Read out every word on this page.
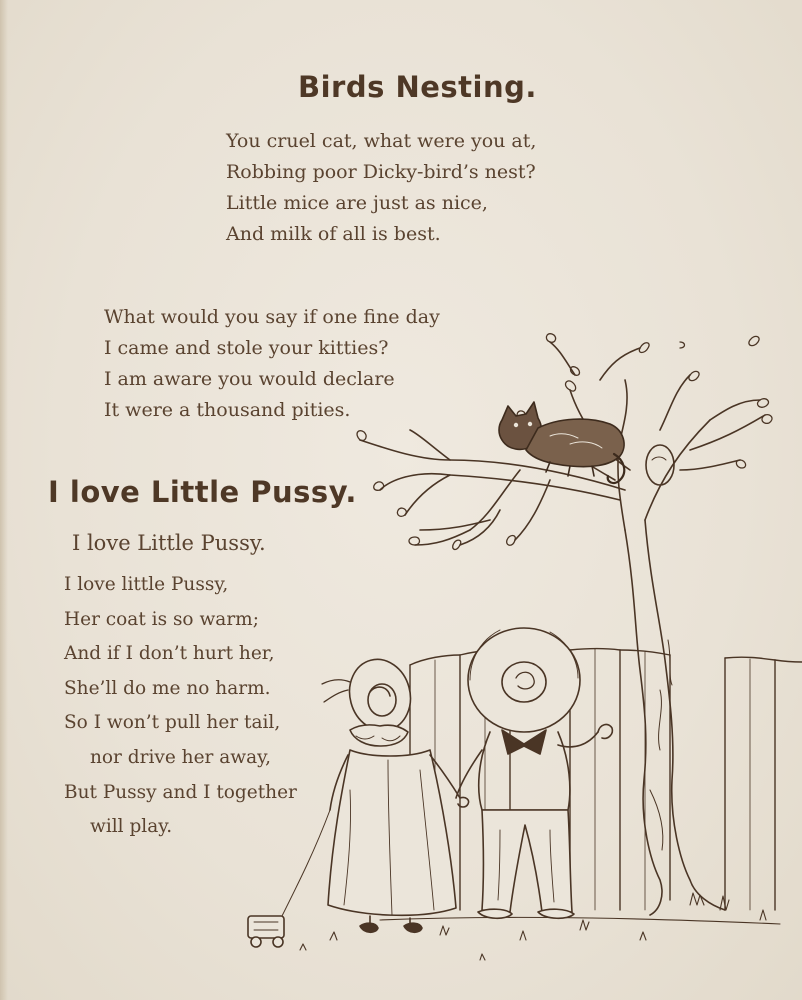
Birds Nesting.
You cruel cat, what were you at,
Robbing poor Dicky-bird’s nest?
Little mice are just as nice,
And milk of all is best.
What would you say if one fine day
I came and stole your kitties?
I am aware you would declare
It were a thousand pities.
I love Little Pussy.

I love Little Pussy.

I love little Pussy,
Her coat is so warm;
And if I don’t hurt her,
She’ll do me no harm.
So I won’t pull her tail,
nor drive her away,
But Pussy and I together
will play.
